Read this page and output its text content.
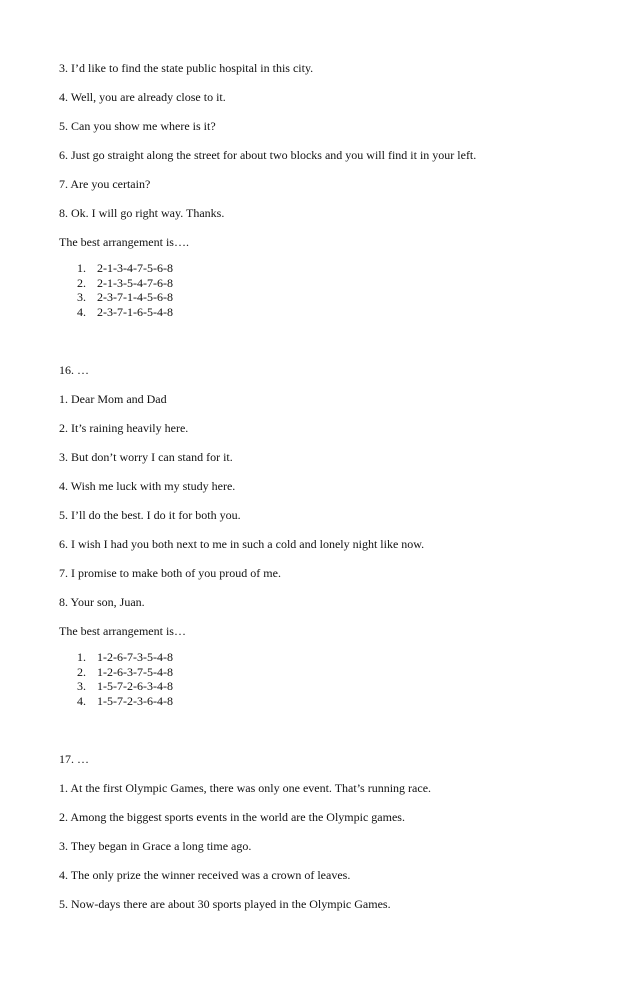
3. I’d like to find the state public hospital in this city.
4. Well, you are already close to it.
5. Can you show me where is it?
6. Just go straight along the street for about two blocks and you will find it in your left.
7. Are you certain?
8. Ok. I will go right way. Thanks.
The best arrangement is….
1. 2-1-3-4-7-5-6-8
2. 2-1-3-5-4-7-6-8
3. 2-3-7-1-4-5-6-8
4. 2-3-7-1-6-5-4-8
16. …
1. Dear Mom and Dad
2. It’s raining heavily here.
3. But don’t worry I can stand for it.
4. Wish me luck with my study here.
5. I’ll do the best. I do it for both you.
6. I wish I had you both next to me in such a cold and lonely night like now.
7. I promise to make both of you proud of me.
8. Your son, Juan.
The best arrangement is…
1. 1-2-6-7-3-5-4-8
2. 1-2-6-3-7-5-4-8
3. 1-5-7-2-6-3-4-8
4. 1-5-7-2-3-6-4-8
17. …
1. At the first Olympic Games, there was only one event. That’s running race.
2. Among the biggest sports events in the world are the Olympic games.
3. They began in Grace a long time ago.
4. The only prize the winner received was a crown of leaves.
5. Now-days there are about 30 sports played in the Olympic Games.
